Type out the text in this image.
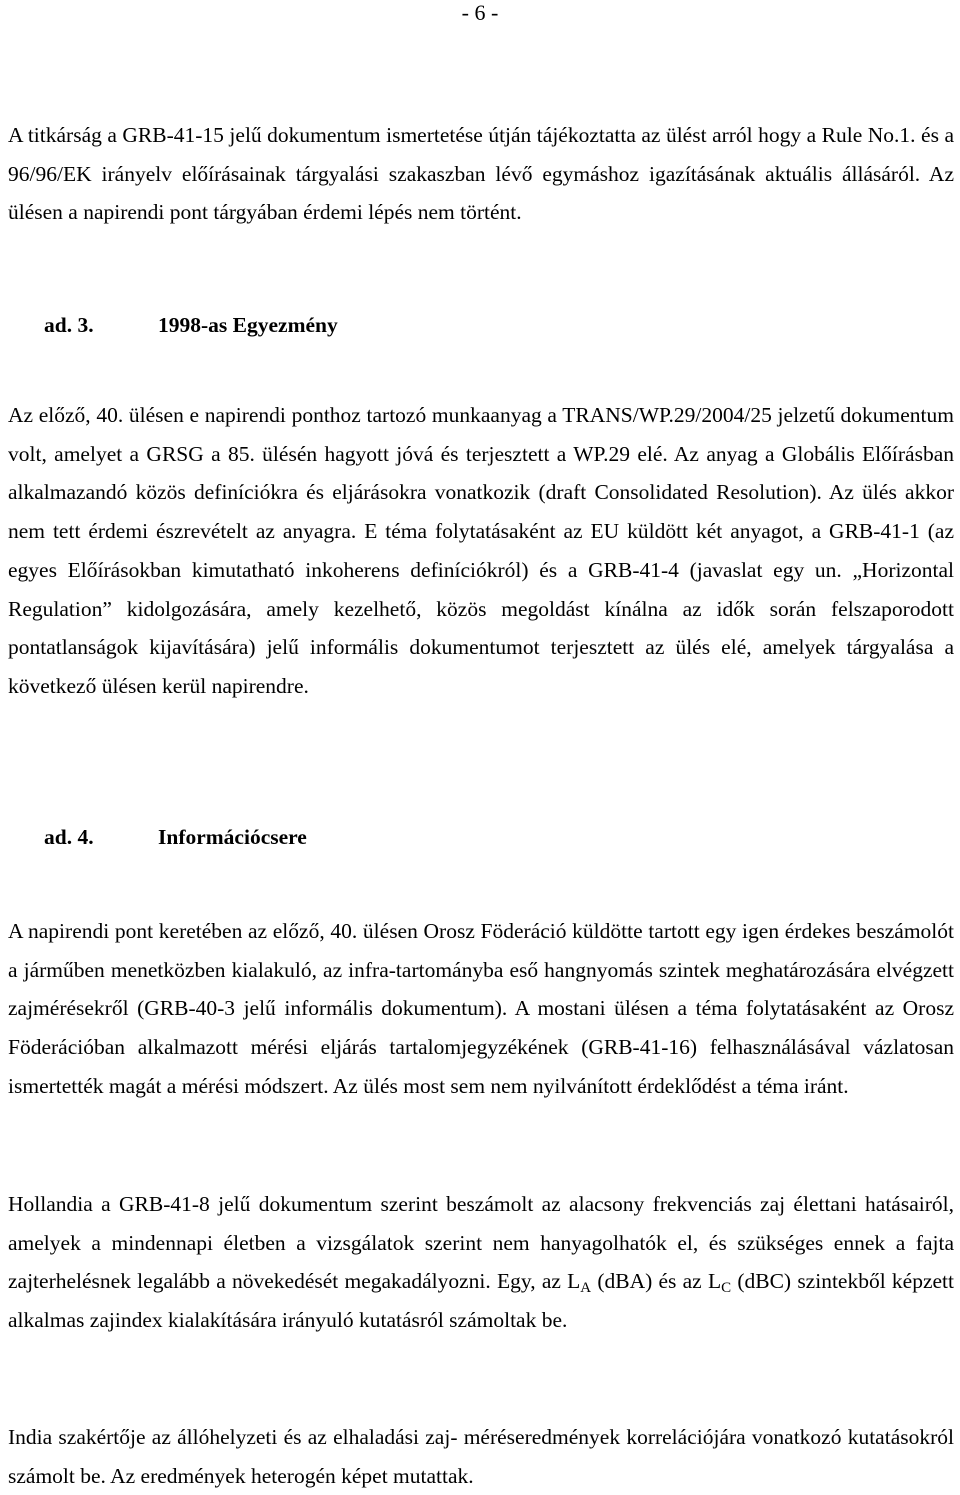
- 6 -

A titkárság a GRB-41-15 jelű dokumentum ismertetése útján tájékoztatta az ülést arról hogy a Rule No.1. és a 96/96/EK irányelv előírásainak tárgyalási szakaszban lévő egymáshoz igazításának aktuális állásáról. Az ülésen a napirendi pont tárgyában érdemi lépés nem történt.

ad. 3.	1998-as Egyezmény

Az előző, 40. ülésen e napirendi ponthoz tartozó munkaanyag a TRANS/WP.29/2004/25 jelzetű dokumentum volt, amelyet a GRSG a 85. ülésén hagyott jóvá és terjesztett a WP.29 elé. Az anyag a Globális Előírásban alkalmazandó közös definíciókra és eljárásokra vonatkozik (draft Consolidated Resolution). Az ülés akkor nem tett érdemi észrevételt az anyagra. E téma folytatásaként az EU küldött két anyagot, a GRB-41-1 (az egyes Előírásokban kimutatható inkoherens definíciókról) és a GRB-41-4 (javaslat egy un. „Horizontal Regulation” kidolgozására, amely kezelhető, közös megoldást kínálna az idők során felszaporodott pontatlanságok kijavítására) jelű informális dokumentumot terjesztett az ülés elé, amelyek tárgyalása a következő ülésen kerül napirendre.

ad. 4.	Információcsere

A napirendi pont keretében az előző, 40. ülésen Orosz Föderáció küldötte tartott egy igen érdekes beszámolót a járműben menetközben kialakuló, az infra-tartományba eső hangnyomás szintek meghatározására elvégzett zajmérésekről (GRB-40-3 jelű informális dokumentum). A mostani ülésen a téma folytatásaként az Orosz Föderációban alkalmazott mérési eljárás tartalomjegyzékének (GRB-41-16) felhasználásával vázlatosan ismertették magát a mérési módszert. Az ülés most sem nem nyilvánított érdeklődést a téma iránt.

Hollandia a GRB-41-8 jelű dokumentum szerint beszámolt az alacsony frekvenciás zaj élettani hatásairól, amelyek a mindennapi életben a vizsgálatok szerint nem hanyagolhatók el, és szükséges ennek a fajta zajterhelésnek legalább a növekedését megakadályozni. Egy, az $L_A$ (dBA) és az $L_C$ (dBC) szintekből képzett alkalmas zajindex kialakítására irányuló kutatásról számoltak be.

India szakértője az állóhelyzeti és az elhaladási zaj- méréseredmények korrelációjára vonatkozó kutatásokról számolt be. Az eredmények heterogén képet mutattak.
